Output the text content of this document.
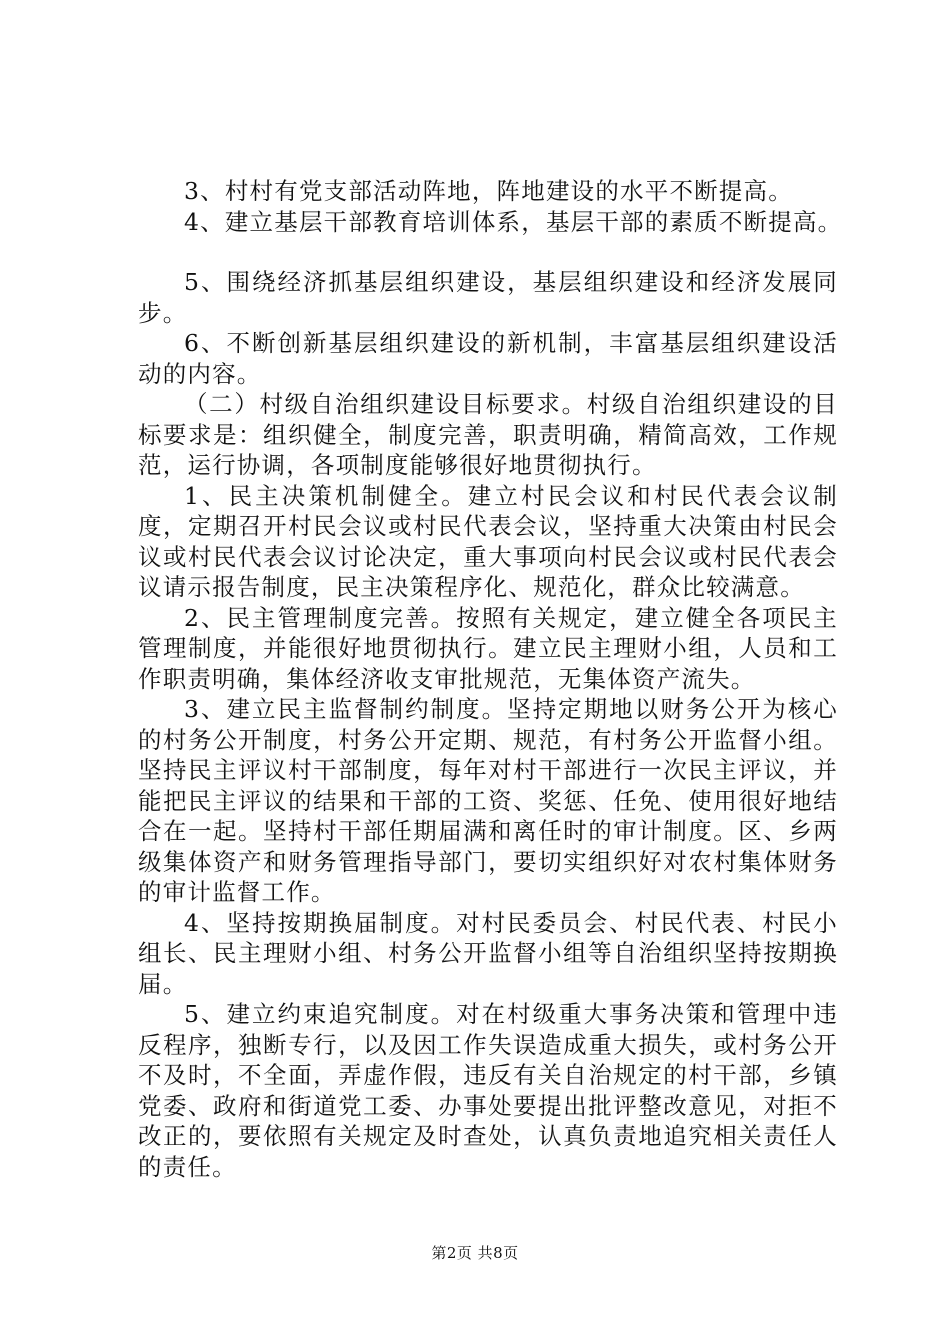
3、村村有党支部活动阵地，阵地建设的水平不断提高。

4、建立基层干部教育培训体系，基层干部的素质不断提高。

5、围绕经济抓基层组织建设，基层组织建设和经济发展同步。

6、不断创新基层组织建设的新机制，丰富基层组织建设活动的内容。

（二）村级自治组织建设目标要求。村级自治组织建设的目标要求是：组织健全，制度完善，职责明确，精简高效，工作规范，运行协调，各项制度能够很好地贯彻执行。

1、民主决策机制健全。建立村民会议和村民代表会议制度，定期召开村民会议或村民代表会议，坚持重大决策由村民会议或村民代表会议讨论决定，重大事项向村民会议或村民代表会议请示报告制度，民主决策程序化、规范化，群众比较满意。

2、民主管理制度完善。按照有关规定，建立健全各项民主管理制度，并能很好地贯彻执行。建立民主理财小组，人员和工作职责明确，集体经济收支审批规范，无集体资产流失。

3、建立民主监督制约制度。坚持定期地以财务公开为核心的村务公开制度，村务公开定期、规范，有村务公开监督小组。坚持民主评议村干部制度，每年对村干部进行一次民主评议，并能把民主评议的结果和干部的工资、奖惩、任免、使用很好地结合在一起。坚持村干部任期届满和离任时的审计制度。区、乡两级集体资产和财务管理指导部门，要切实组织好对农村集体财务的审计监督工作。

4、坚持按期换届制度。对村民委员会、村民代表、村民小组长、民主理财小组、村务公开监督小组等自治组织坚持按期换届。

5、建立约束追究制度。对在村级重大事务决策和管理中违反程序，独断专行，以及因工作失误造成重大损失，或村务公开不及时，不全面，弄虚作假，违反有关自治规定的村干部，乡镇党委、政府和街道党工委、办事处要提出批评整改意见，对拒不改正的，要依照有关规定及时查处，认真负责地追究相关责任人的责任。

第2页 共8页
